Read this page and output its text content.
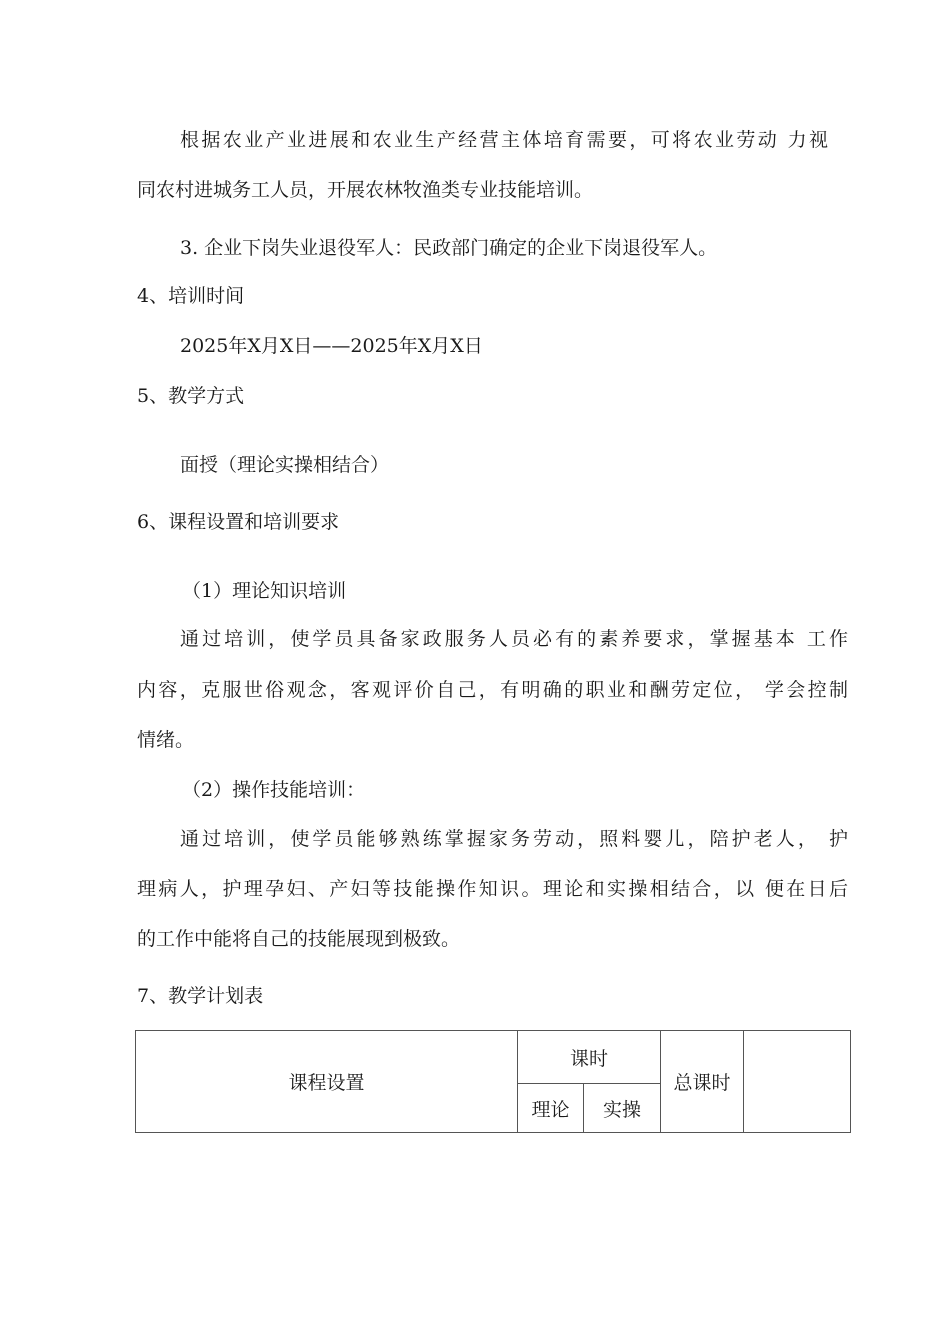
根据农业产业进展和农业生产经营主体培育需要，可将农业劳动 力视
同农村进城务工人员，开展农林牧渔类专业技能培训。
3. 企业下岗失业退役军人：民政部门确定的企业下岗退役军人。
4、培训时间
2025年X月X日——2025年X月X日
5、教学方式
面授（理论实操相结合）
6、课程设置和培训要求
（1）理论知识培训
通过培训，使学员具备家政服务人员必有的素养要求，掌握基本 工作
内容，克服世俗观念，客观评价自己，有明确的职业和酬劳定位， 学会控制
情绪。
（2）操作技能培训：
通过培训，使学员能够熟练掌握家务劳动，照料婴儿，陪护老人， 护
理病人，护理孕妇、产妇等技能操作知识。理论和实操相结合，以 便在日后
的工作中能将自己的技能展现到极致。
7、教学计划表
课程设置	课时		总课时	
	理论	实操		
